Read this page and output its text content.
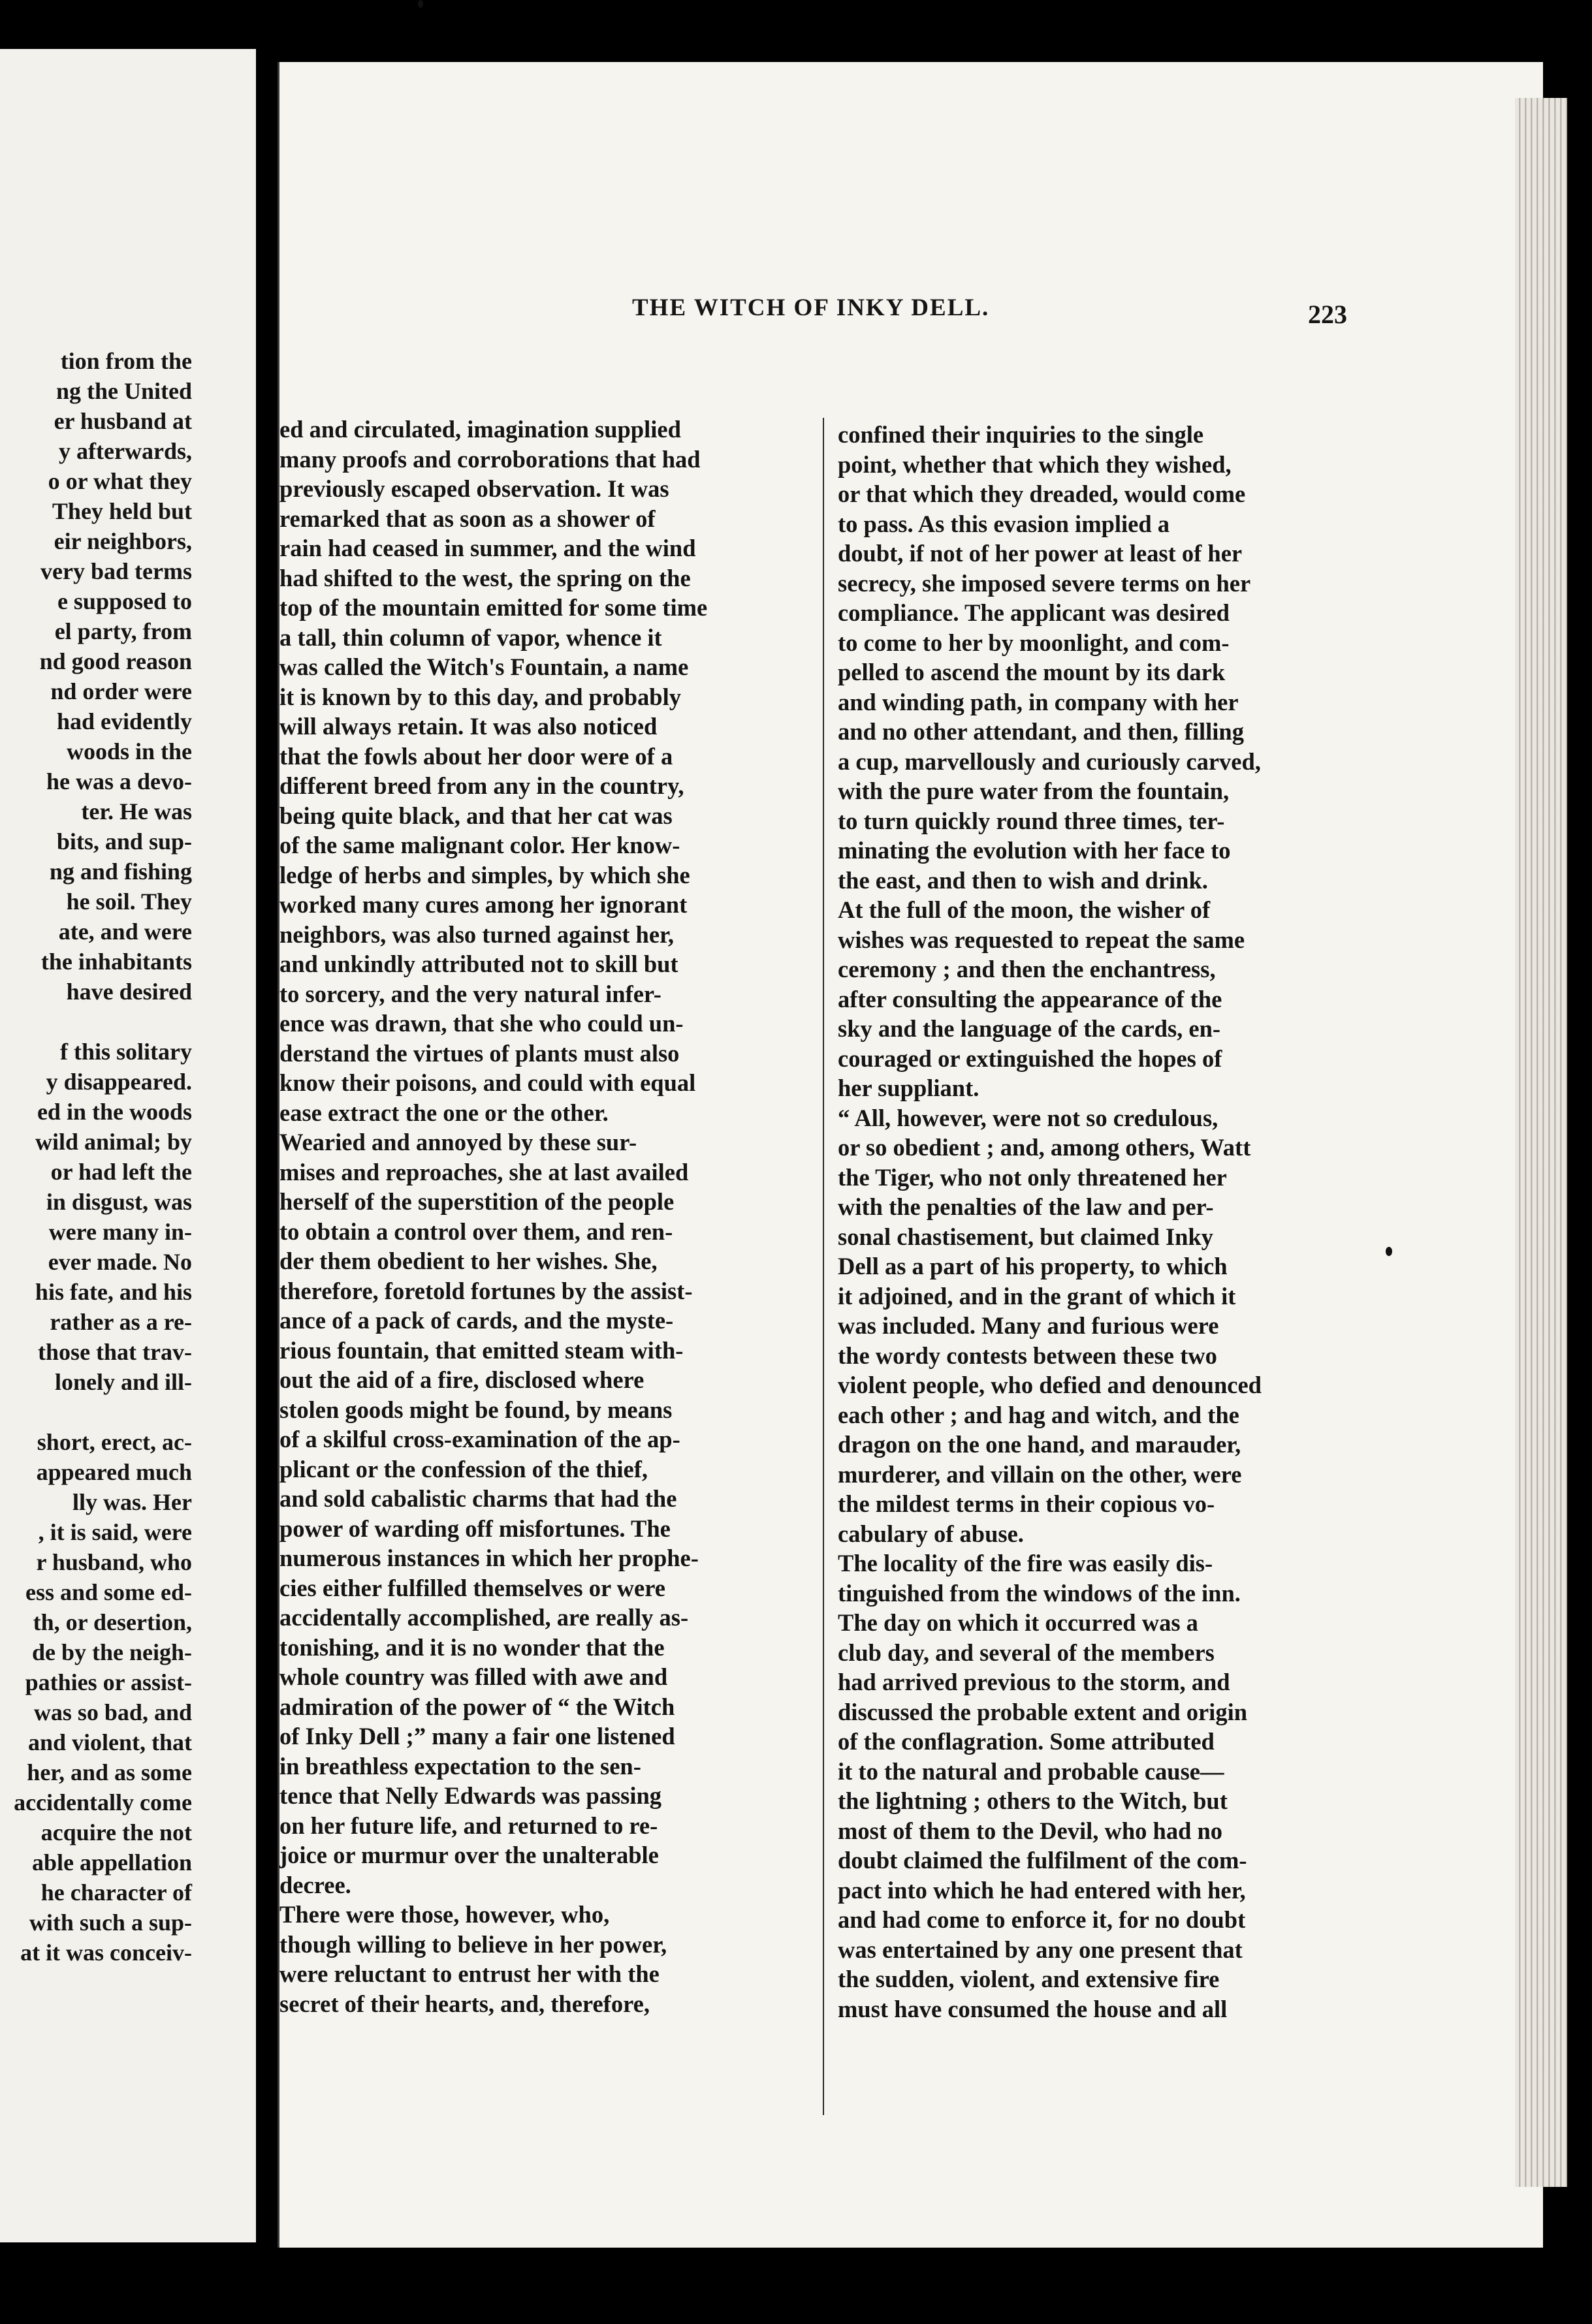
tion from the
ng the United
er husband at
y afterwards,
o or what they
They held but
eir neighbors,
very bad terms
e supposed to
el party, from
nd good reason
nd order were
had evidently
woods in the
he was a devo-
ter. He was
bits, and sup-
ng and fishing
he soil. They
ate, and were
the inhabitants
have desired
f this solitary
y disappeared.
ed in the woods
wild animal; by
or had left the
in disgust, was
were many in-
ever made. No
his fate, and his
rather as a re-
those that trav-
lonely and ill-
short, erect, ac-
appeared much
lly was. Her
, it is said, were
r husband, who
ess and some ed-
th, or desertion,
de by the neigh-
pathies or assist-
was so bad, and
and violent, that
her, and as some
accidentally come
acquire the not
able appellation
he character of
with such a sup-
at it was conceiv-
THE WITCH OF INKY DELL.	223
ed and circulated, imagination supplied
many proofs and corroborations that had
previously escaped observation. It was
remarked that as soon as a shower of
rain had ceased in summer, and the wind
had shifted to the west, the spring on the
top of the mountain emitted for some time
a tall, thin column of vapor, whence it
was called the Witch's Fountain, a name
it is known by to this day, and probably
will always retain. It was also noticed
that the fowls about her door were of a
different breed from any in the country,
being quite black, and that her cat was
of the same malignant color. Her know-
ledge of herbs and simples, by which she
worked many cures among her ignorant
neighbors, was also turned against her,
and unkindly attributed not to skill but
to sorcery, and the very natural infer-
ence was drawn, that she who could un-
derstand the virtues of plants must also
know their poisons, and could with equal
ease extract the one or the other.
Wearied and annoyed by these sur-
mises and reproaches, she at last availed
herself of the superstition of the people
to obtain a control over them, and ren-
der them obedient to her wishes. She,
therefore, foretold fortunes by the assist-
ance of a pack of cards, and the myste-
rious fountain, that emitted steam with-
out the aid of a fire, disclosed where
stolen goods might be found, by means
of a skilful cross-examination of the ap-
plicant or the confession of the thief,
and sold cabalistic charms that had the
power of warding off misfortunes. The
numerous instances in which her prophe-
cies either fulfilled themselves or were
accidentally accomplished, are really as-
tonishing, and it is no wonder that the
whole country was filled with awe and
admiration of the power of “ the Witch
of Inky Dell ;” many a fair one listened
in breathless expectation to the sen-
tence that Nelly Edwards was passing
on her future life, and returned to re-
joice or murmur over the unalterable
decree.
There were those, however, who,
though willing to believe in her power,
were reluctant to entrust her with the
secret of their hearts, and, therefore,
confined their inquiries to the single
point, whether that which they wished,
or that which they dreaded, would come
to pass. As this evasion implied a
doubt, if not of her power at least of her
secrecy, she imposed severe terms on her
compliance. The applicant was desired
to come to her by moonlight, and com-
pelled to ascend the mount by its dark
and winding path, in company with her
and no other attendant, and then, filling
a cup, marvellously and curiously carved,
with the pure water from the fountain,
to turn quickly round three times, ter-
minating the evolution with her face to
the east, and then to wish and drink.
At the full of the moon, the wisher of
wishes was requested to repeat the same
ceremony ; and then the enchantress,
after consulting the appearance of the
sky and the language of the cards, en-
couraged or extinguished the hopes of
her suppliant.
“ All, however, were not so credulous,
or so obedient ; and, among others, Watt
the Tiger, who not only threatened her
with the penalties of the law and per-
sonal chastisement, but claimed Inky
Dell as a part of his property, to which
it adjoined, and in the grant of which it
was included. Many and furious were
the wordy contests between these two
violent people, who defied and denounced
each other ; and hag and witch, and the
dragon on the one hand, and marauder,
murderer, and villain on the other, were
the mildest terms in their copious vo-
cabulary of abuse.
The locality of the fire was easily dis-
tinguished from the windows of the inn.
The day on which it occurred was a
club day, and several of the members
had arrived previous to the storm, and
discussed the probable extent and origin
of the conflagration. Some attributed
it to the natural and probable cause—
the lightning ; others to the Witch, but
most of them to the Devil, who had no
doubt claimed the fulfilment of the com-
pact into which he had entered with her,
and had come to enforce it, for no doubt
was entertained by any one present that
the sudden, violent, and extensive fire
must have consumed the house and all
